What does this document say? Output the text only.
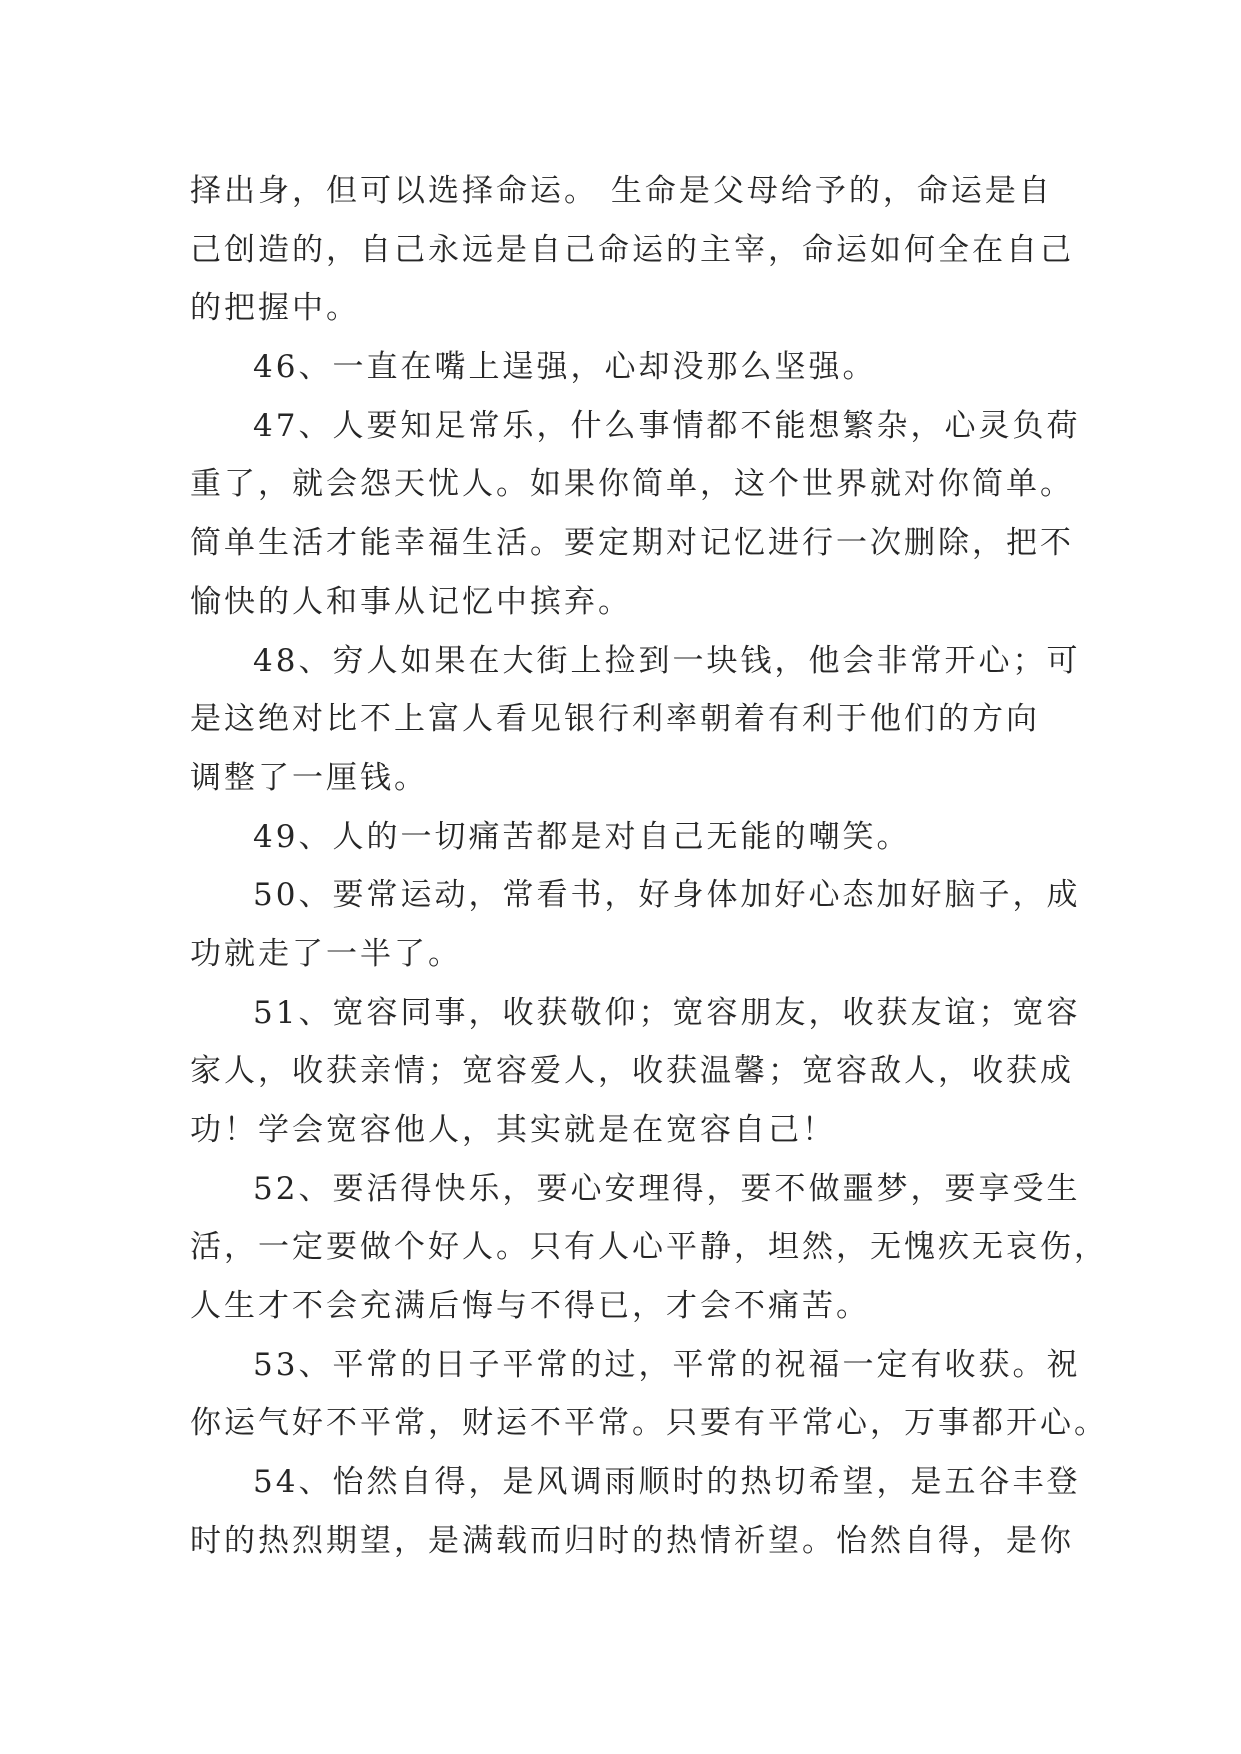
择出身，但可以选择命运。 生命是父母给予的，命运是自
己创造的，自己永远是自己命运的主宰，命运如何全在自己
的把握中。
46、一直在嘴上逞强，心却没那么坚强。
47、人要知足常乐，什么事情都不能想繁杂，心灵负荷
重了，就会怨天忧人。如果你简单，这个世界就对你简单。
简单生活才能幸福生活。要定期对记忆进行一次删除，把不
愉快的人和事从记忆中摈弃。
48、穷人如果在大街上捡到一块钱，他会非常开心；可
是这绝对比不上富人看见银行利率朝着有利于他们的方向
调整了一厘钱。
49、人的一切痛苦都是对自己无能的嘲笑。
50、要常运动，常看书，好身体加好心态加好脑子，成
功就走了一半了。
51、宽容同事，收获敬仰；宽容朋友，收获友谊；宽容
家人，收获亲情；宽容爱人，收获温馨；宽容敌人，收获成
功！学会宽容他人，其实就是在宽容自己！
52、要活得快乐，要心安理得，要不做噩梦，要享受生
活，一定要做个好人。只有人心平静，坦然，无愧疚无哀伤，
人生才不会充满后悔与不得已，才会不痛苦。
53、平常的日子平常的过，平常的祝福一定有收获。祝
你运气好不平常，财运不平常。只要有平常心，万事都开心。
54、怡然自得，是风调雨顺时的热切希望，是五谷丰登
时的热烈期望，是满载而归时的热情祈望。怡然自得，是你
